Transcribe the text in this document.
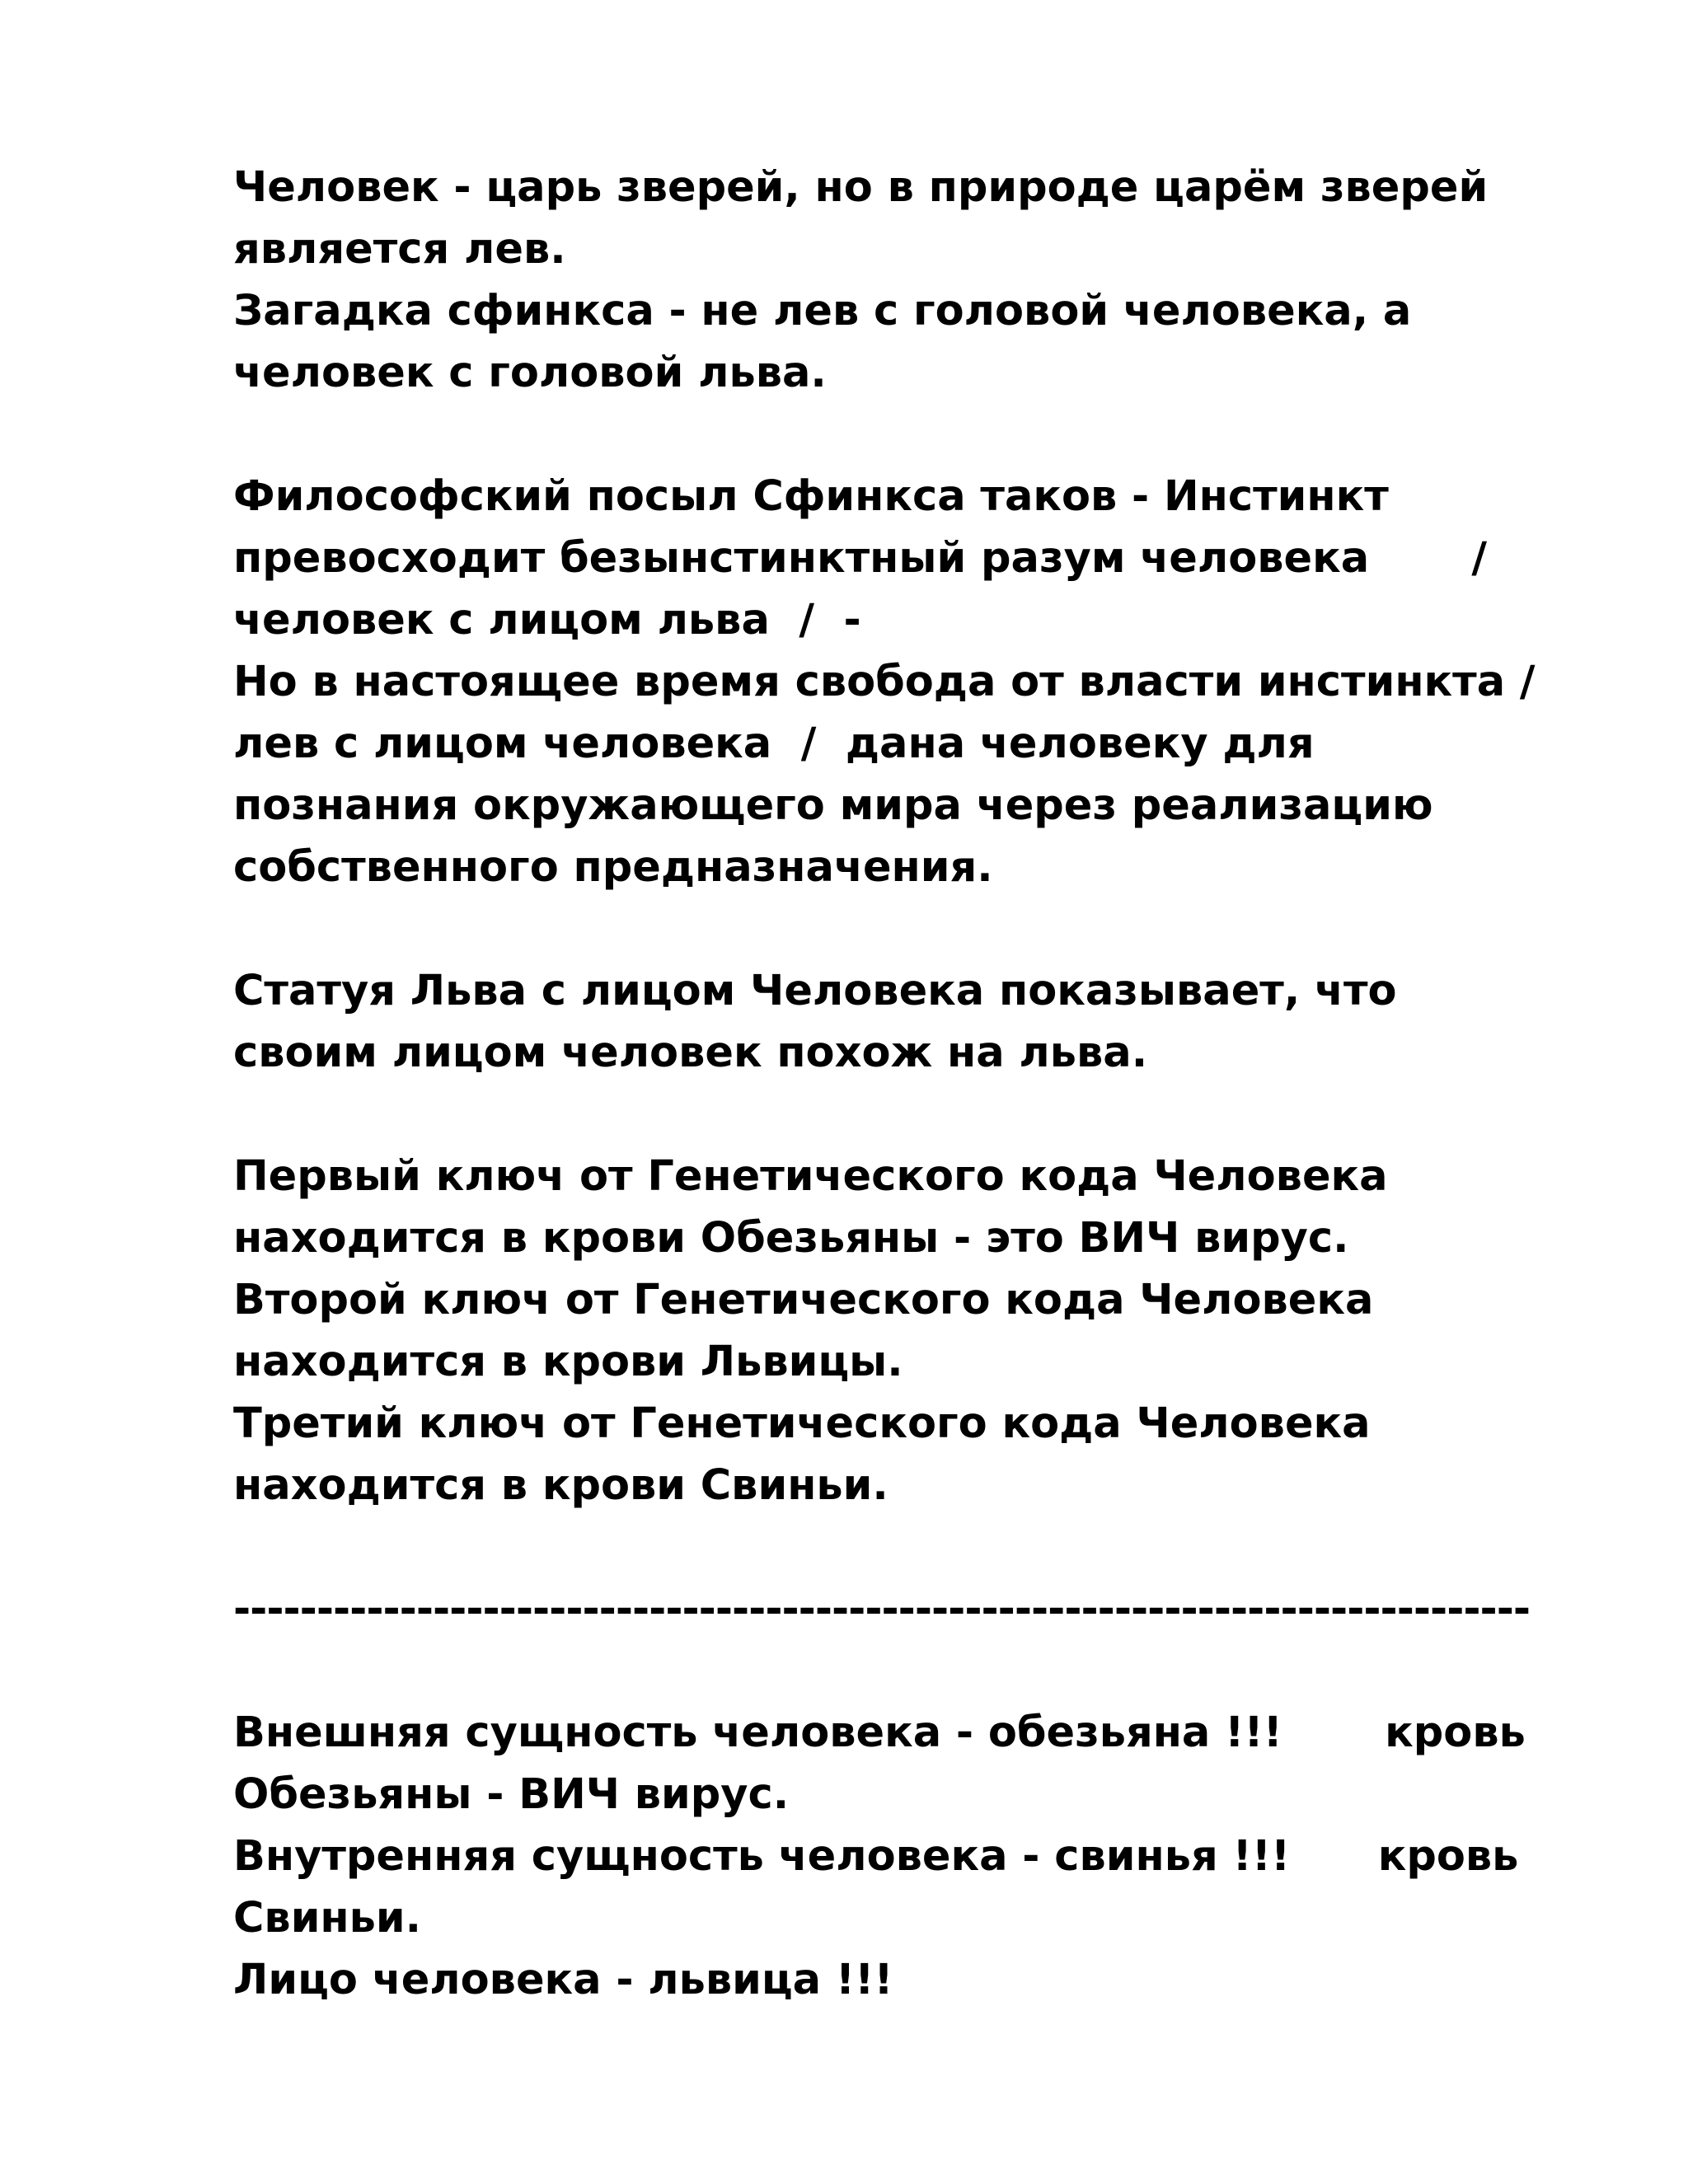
Человек - царь зверей, но в природе царём зверей
является лев.
Загадка сфинкса - не лев с головой человека, а
человек с головой льва.
Философский посыл Сфинкса таков - Инстинкт
превосходит безынстинктный разум человека       /
человек с лицом льва  /  -
Но в настоящее время свобода от власти инстинкта /
лев с лицом человека  /  дана человеку для
познания окружающего мира через реализацию
собственного предназначения.
Статуя Льва с лицом Человека показывает, что
своим лицом человек похож на льва.
Первый ключ от Генетического кода Человека
находится в крови Обезьяны - это ВИЧ вирус.
Второй ключ от Генетического кода Человека
находится в крови Львицы.
Третий ключ от Генетического кода Человека
находится в крови Свиньи.
------------------------------------------------------------------------------
Внешняя сущность человека - обезьяна !!!       кровь
Обезьяны - ВИЧ вирус.
Внутренняя сущность человека - свинья !!!      кровь
Свиньи.
Лицо человека - львица !!!
